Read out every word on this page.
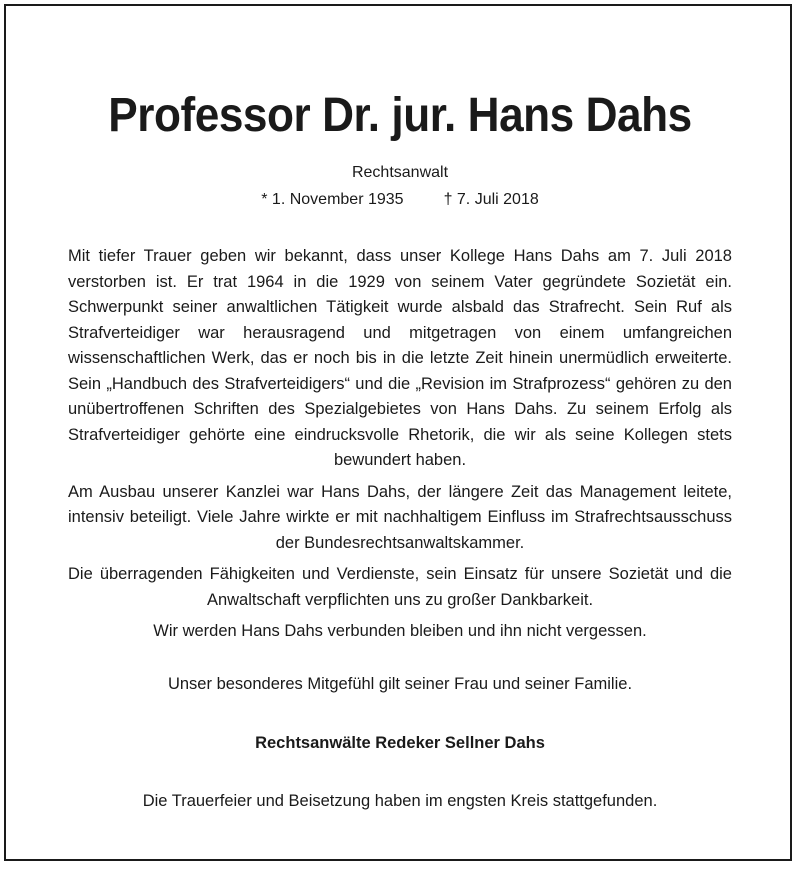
Professor Dr. jur. Hans Dahs
Rechtsanwalt
* 1. November 1935	† 7. Juli 2018

Mit tiefer Trauer geben wir bekannt, dass unser Kollege Hans Dahs am 7. Juli 2018 verstorben ist. Er trat 1964 in die 1929 von seinem Vater gegründete Sozietät ein. Schwerpunkt seiner anwaltlichen Tätigkeit wurde alsbald das Strafrecht. Sein Ruf als Strafverteidiger war herausragend und mitgetragen von einem umfangreichen wissenschaftlichen Werk, das er noch bis in die letzte Zeit hinein unermüdlich erweiterte. Sein „Handbuch des Strafverteidigers“ und die „Revision im Strafprozess“ gehören zu den unübertroffenen Schriften des Spezialgebietes von Hans Dahs. Zu seinem Erfolg als Strafverteidiger gehörte eine eindrucksvolle Rhetorik, die wir als seine Kollegen stets bewundert haben.

Am Ausbau unserer Kanzlei war Hans Dahs, der längere Zeit das Management leitete, intensiv beteiligt. Viele Jahre wirkte er mit nachhaltigem Einfluss im Strafrechtsausschuss der Bundesrechtsanwaltskammer.

Die überragenden Fähigkeiten und Verdienste, sein Einsatz für unsere Sozietät und die Anwaltschaft verpflichten uns zu großer Dankbarkeit.

Wir werden Hans Dahs verbunden bleiben und ihn nicht vergessen.

Unser besonderes Mitgefühl gilt seiner Frau und seiner Familie.
Rechtsanwälte Redeker Sellner Dahs
Die Trauerfeier und Beisetzung haben im engsten Kreis stattgefunden.
